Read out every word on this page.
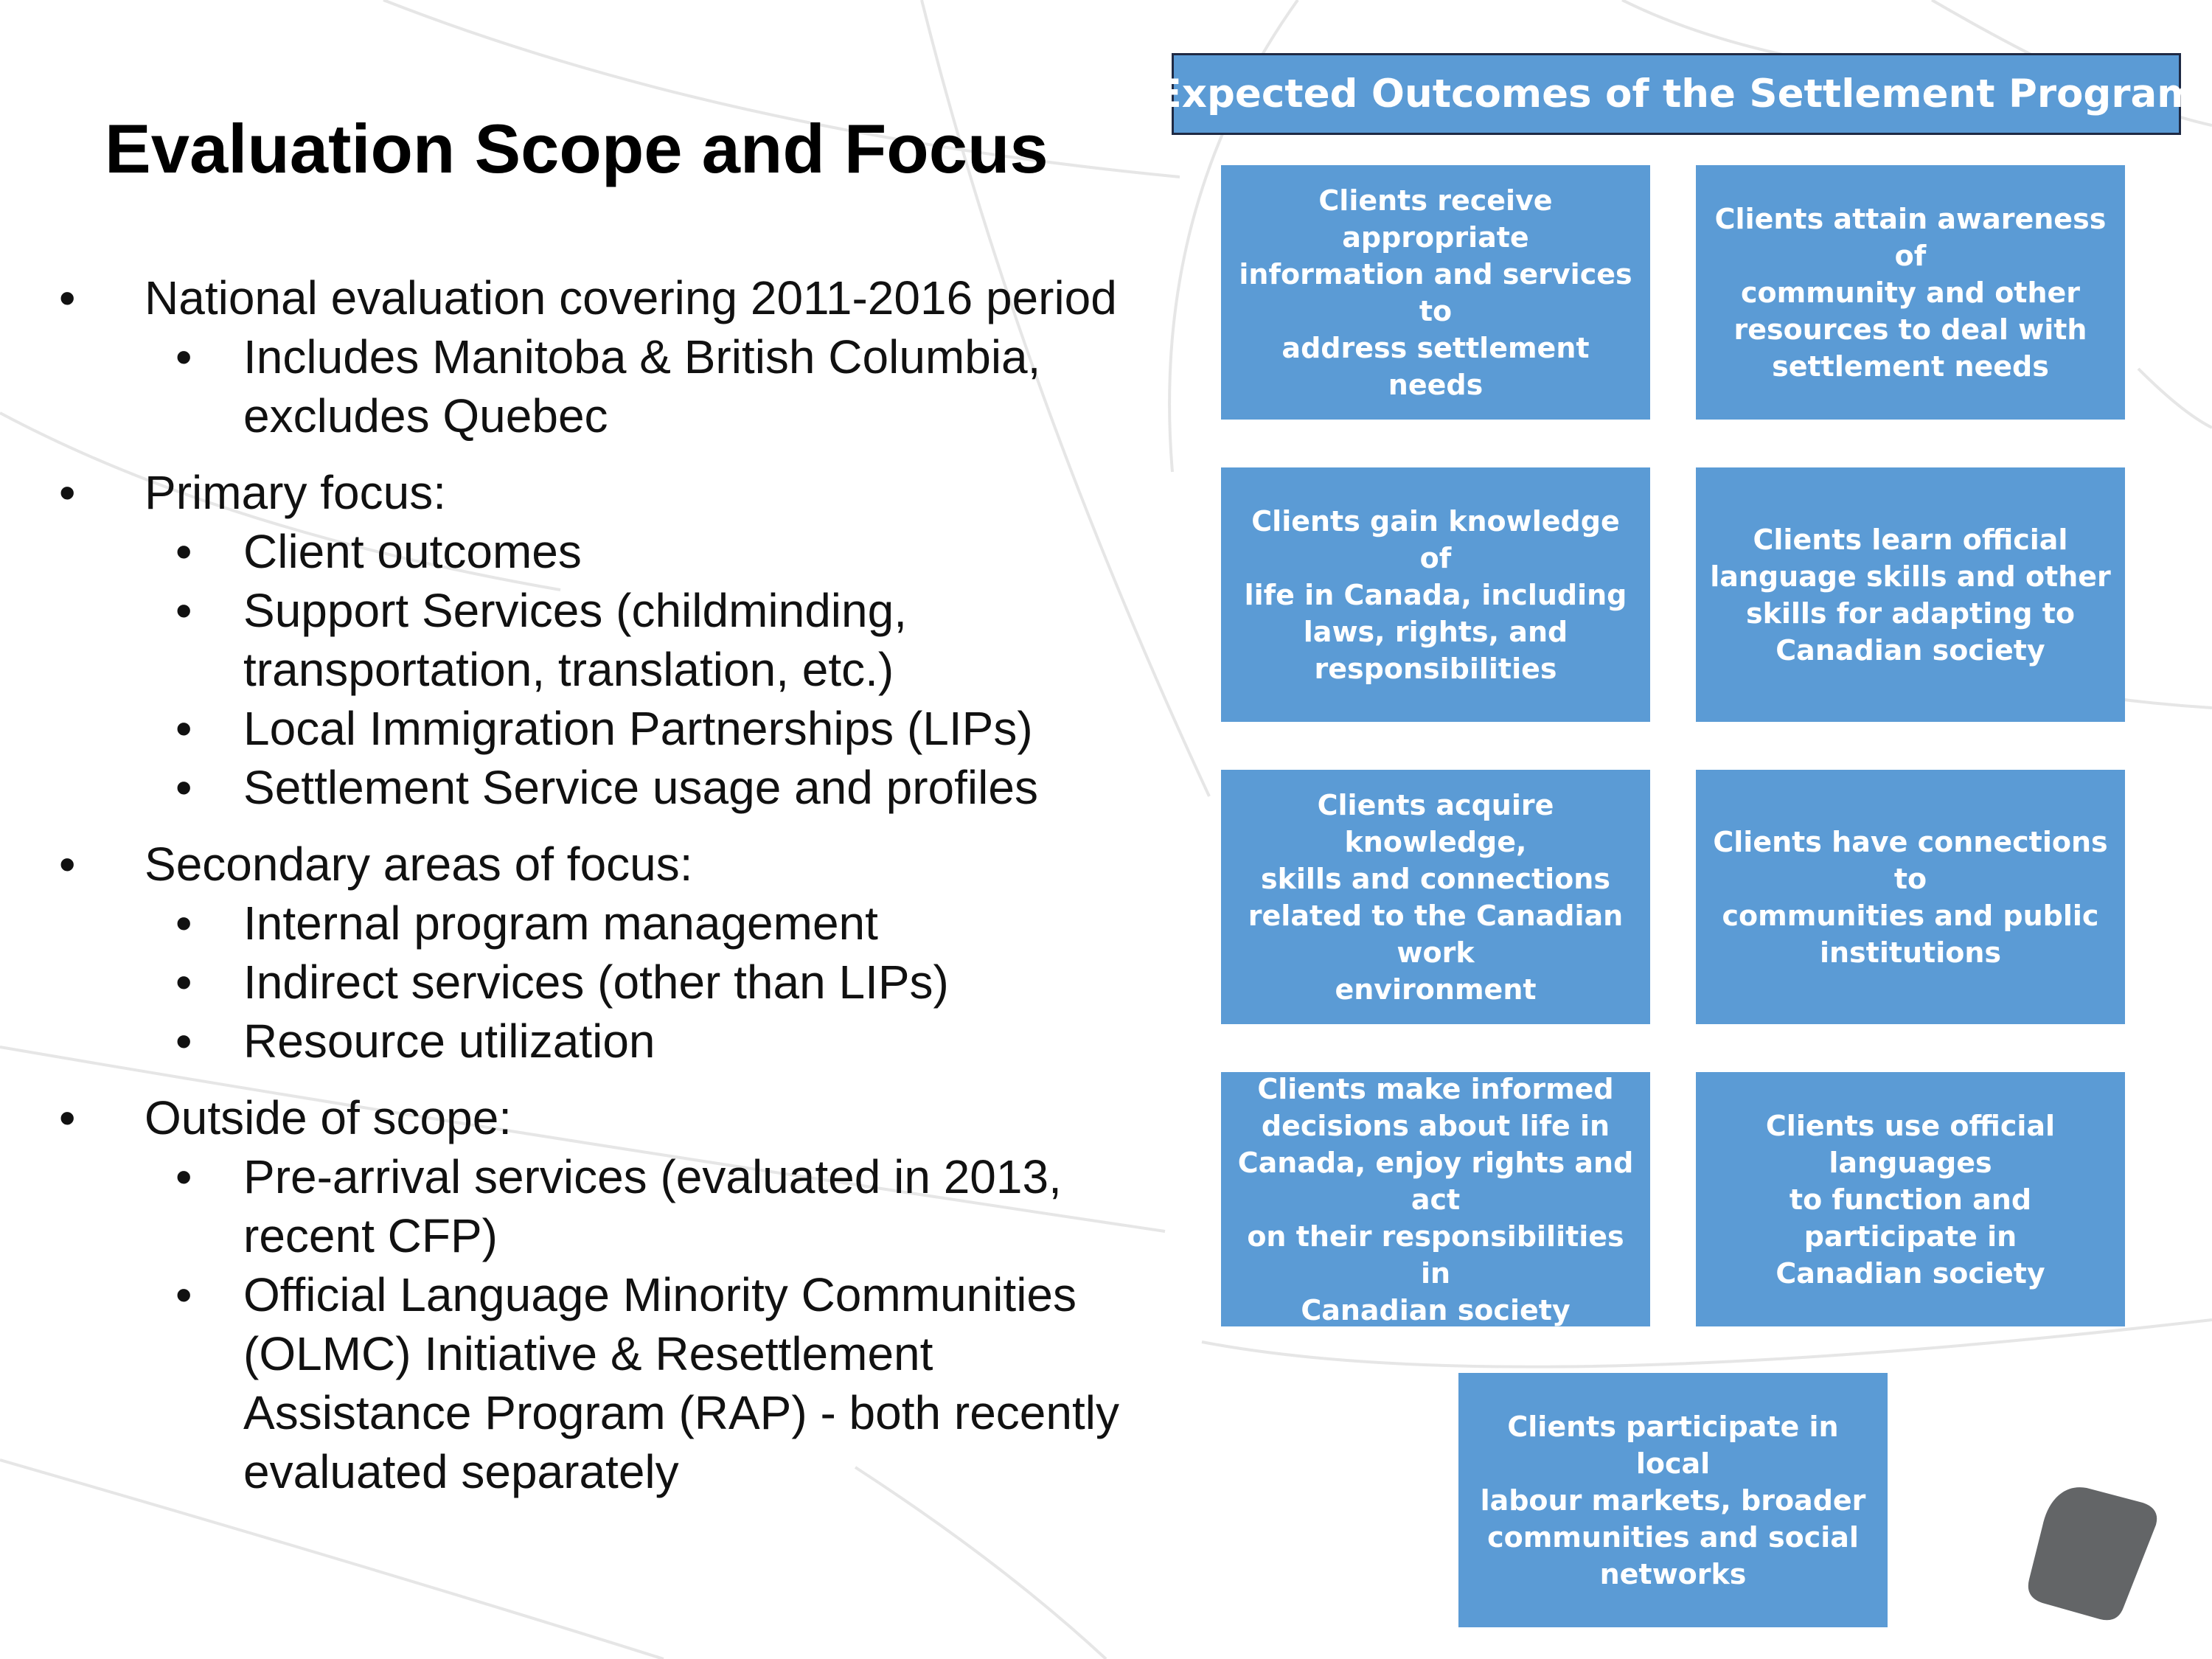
Evaluation Scope and Focus
• National evaluation covering 2011-2016 period
• Includes Manitoba & British Columbia,
excludes Quebec
• Primary focus:
• Client outcomes
• Support Services (childminding,
transportation, translation, etc.)
• Local Immigration Partnerships (LIPs)
• Settlement Service usage and profiles
• Secondary areas of focus:
• Internal program management
• Indirect services (other than LIPs)
• Resource utilization
• Outside of scope:
• Pre-arrival services (evaluated in 2013,
recent CFP)
• Official Language Minority Communities
(OLMC) Initiative & Resettlement
Assistance Program (RAP) - both recently
evaluated separately
Expected Outcomes of the Settlement Program
Clients receive appropriate
information and services to
address settlement needs
Clients attain awareness of
community and other
resources to deal with
settlement needs
Clients gain knowledge of
life in Canada, including
laws, rights, and
responsibilities
Clients learn official
language skills and other
skills for adapting to
Canadian society
Clients acquire knowledge,
skills and connections
related to the Canadian work
environment
Clients have connections to
communities and public
institutions
Clients make informed
decisions about life in
Canada, enjoy rights and act
on their responsibilities in
Canadian society
Clients use official languages
to function and participate in
Canadian society
Clients participate in local
labour markets, broader
communities and social
networks
